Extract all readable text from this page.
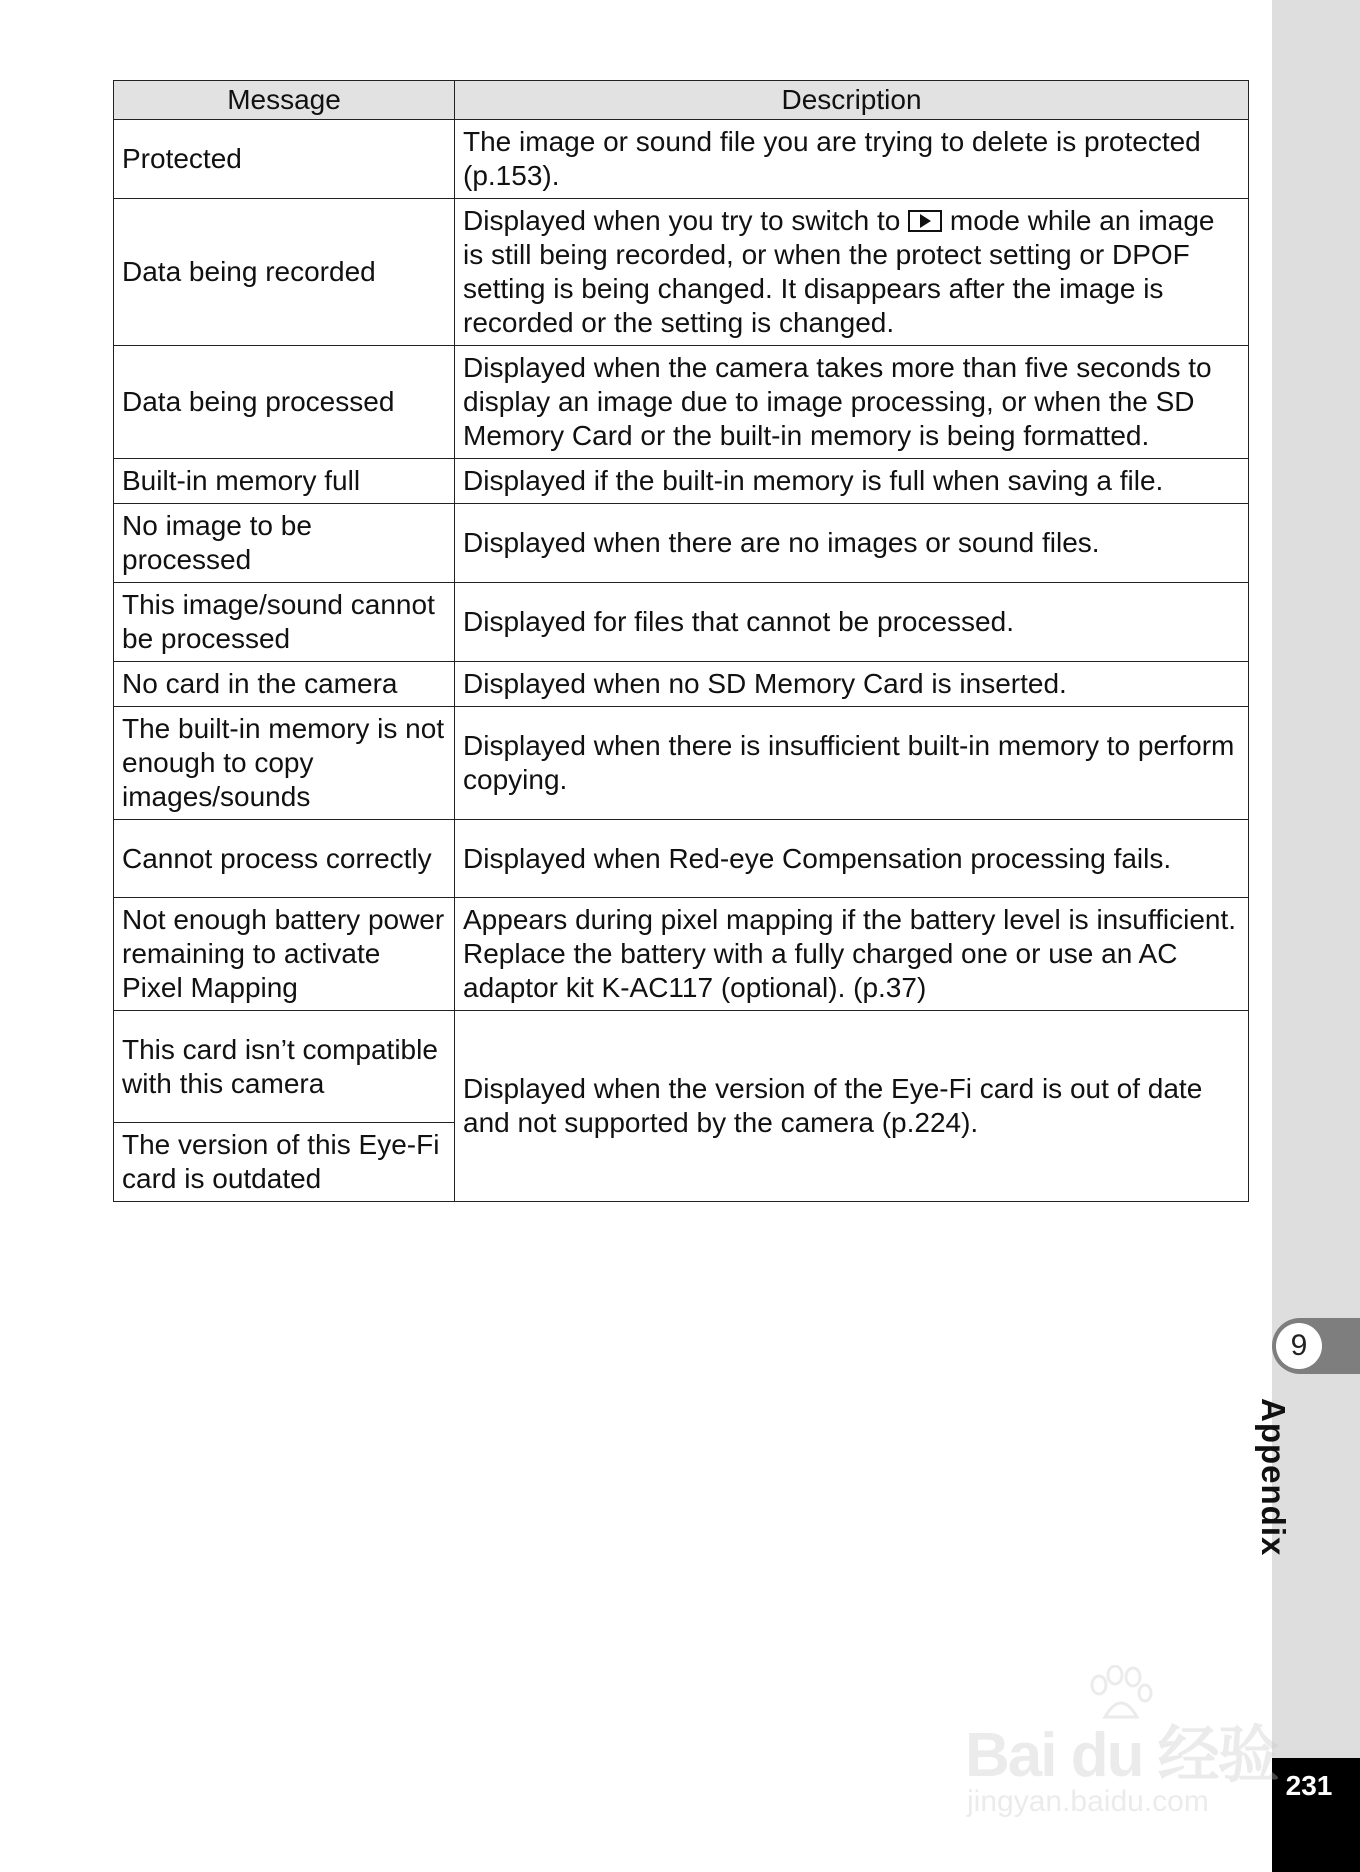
Message	Description
Protected	The image or sound file you are trying to delete is protected (p.153).
Data being recorded	Displayed when you try to switch to  mode while an image is still being recorded, or when the protect setting or DPOF setting is being changed. It disappears after the image is recorded or the setting is changed.
Data being processed	Displayed when the camera takes more than five seconds to display an image due to image processing, or when the SD Memory Card or the built-in memory is being formatted.
Built-in memory full	Displayed if the built-in memory is full when saving a file.
No image to be processed	Displayed when there are no images or sound files.
This image/sound cannot be processed	Displayed for files that cannot be processed.
No card in the camera	Displayed when no SD Memory Card is inserted.
The built-in memory is not enough to copy images/sounds	Displayed when there is insufficient built-in memory to perform copying.
Cannot process correctly	Displayed when Red-eye Compensation processing fails.
Not enough battery power remaining to activate Pixel Mapping	Appears during pixel mapping if the battery level is insufficient. Replace the battery with a fully charged one or use an AC adaptor kit K-AC117 (optional). (p.37)
This card isn’t compatible with this camera	Displayed when the version of the Eye-Fi card is out of date and not supported by the camera (p.224).
The version of this Eye-Fi card is outdated	
9
Appendix
231
Bai du 经验
jingyan.baidu.com
